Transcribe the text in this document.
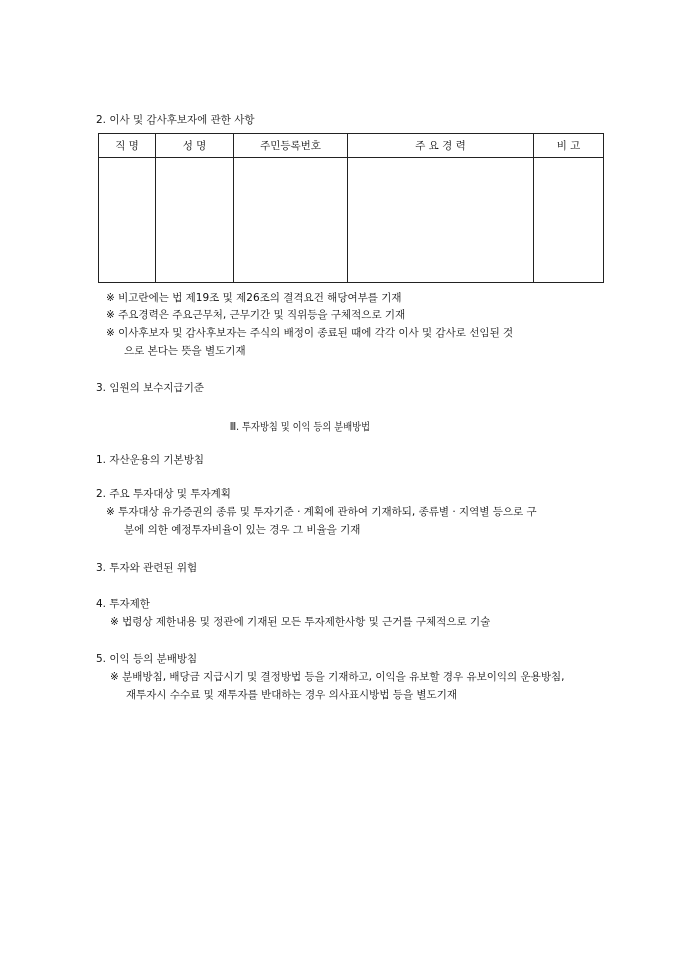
2. 이사 및 감사후보자에 관한 사항
직 명	성 명	주민등록번호	주 요 경 력	비 고

※ 비고란에는 법 제19조 및 제26조의 결격요건 해당여부를 기재
※ 주요경력은 주요근무처, 근무기간 및 직위등을 구체적으로 기재
※ 이사후보자 및 감사후보자는 주식의 배정이 종료된 때에 각각 이사 및 감사로 선임된 것
으로 본다는 뜻을 별도기재
3. 임원의 보수지급기준
Ⅲ. 투자방침 및 이익 등의 분배방법
1. 자산운용의 기본방침
2. 주요 투자대상 및 투자계획
※ 투자대상 유가증권의 종류 및 투자기준 · 계획에 관하여 기재하되, 종류별 · 지역별 등으로 구
분에 의한 예정투자비율이 있는 경우 그 비율을 기재
3. 투자와 관련된 위험
4. 투자제한
※ 법령상 제한내용 및 정관에 기재된 모든 투자제한사항 및 근거를 구체적으로 기술
5. 이익 등의 분배방침
※ 분배방침, 배당금 지급시기 및 결정방법 등을 기재하고, 이익을 유보할 경우 유보이익의 운용방침,
재투자시 수수료 및 재투자를 반대하는 경우 의사표시방법 등을 별도기재
